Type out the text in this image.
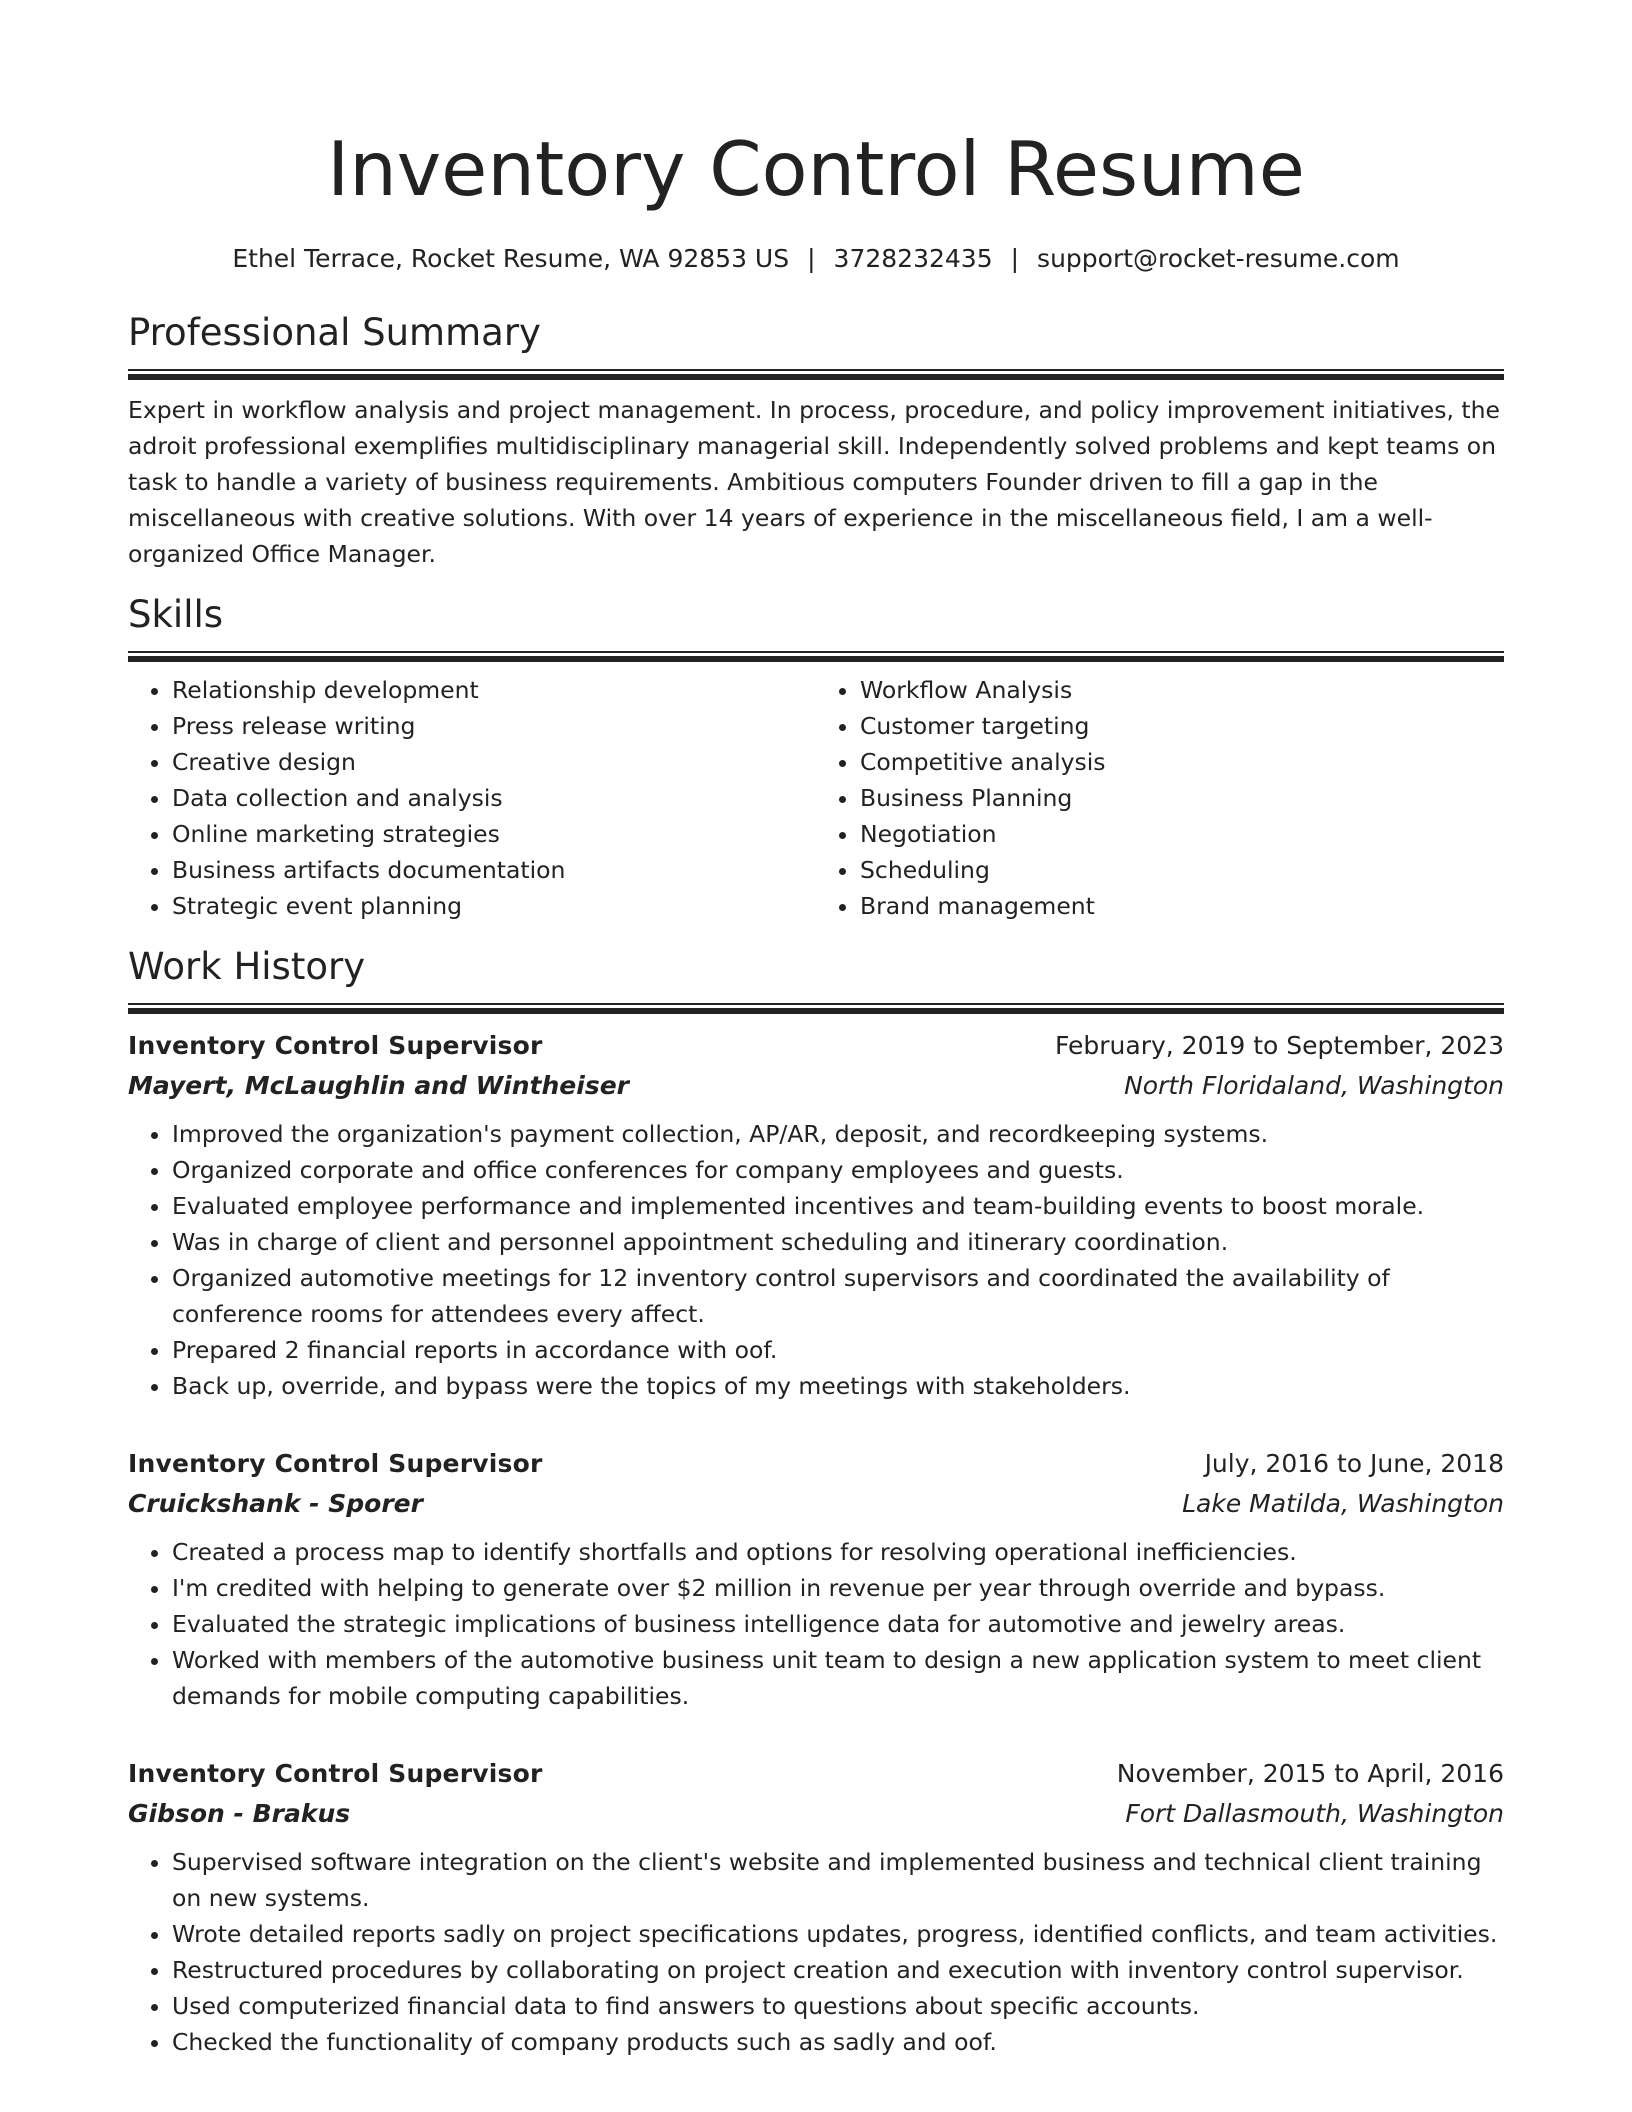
Inventory Control Resume
Ethel Terrace, Rocket Resume, WA 92853 US | 3728232435 | support@rocket-resume.com
Professional Summary

Expert in workflow analysis and project management. In process, procedure, and policy improvement initiatives, the adroit professional exemplifies multidisciplinary managerial skill. Independently solved problems and kept teams on task to handle a variety of business requirements. Ambitious computers Founder driven to fill a gap in the miscellaneous with creative solutions. With over 14 years of experience in the miscellaneous field, I am a well-organized Office Manager.

Skills
• Relationship development
• Press release writing
• Creative design
• Data collection and analysis
• Online marketing strategies
• Business artifacts documentation
• Strategic event planning
• Workflow Analysis
• Customer targeting
• Competitive analysis
• Business Planning
• Negotiation
• Scheduling
• Brand management
Work History
Inventory Control Supervisor	February, 2019 to September, 2023
Mayert, McLaughlin and Wintheiser	North Floridaland, Washington
• Improved the organization's payment collection, AP/AR, deposit, and recordkeeping systems.
• Organized corporate and office conferences for company employees and guests.
• Evaluated employee performance and implemented incentives and team-building events to boost morale.
• Was in charge of client and personnel appointment scheduling and itinerary coordination.
• Organized automotive meetings for 12 inventory control supervisors and coordinated the availability of conference rooms for attendees every affect.
• Prepared 2 financial reports in accordance with oof.
• Back up, override, and bypass were the topics of my meetings with stakeholders.
Inventory Control Supervisor	July, 2016 to June, 2018
Cruickshank - Sporer	Lake Matilda, Washington
• Created a process map to identify shortfalls and options for resolving operational inefficiencies.
• I'm credited with helping to generate over $2 million in revenue per year through override and bypass.
• Evaluated the strategic implications of business intelligence data for automotive and jewelry areas.
• Worked with members of the automotive business unit team to design a new application system to meet client demands for mobile computing capabilities.
Inventory Control Supervisor	November, 2015 to April, 2016
Gibson - Brakus	Fort Dallasmouth, Washington
• Supervised software integration on the client's website and implemented business and technical client training on new systems.
• Wrote detailed reports sadly on project specifications updates, progress, identified conflicts, and team activities.
• Restructured procedures by collaborating on project creation and execution with inventory control supervisor.
• Used computerized financial data to find answers to questions about specific accounts.
• Checked the functionality of company products such as sadly and oof.
